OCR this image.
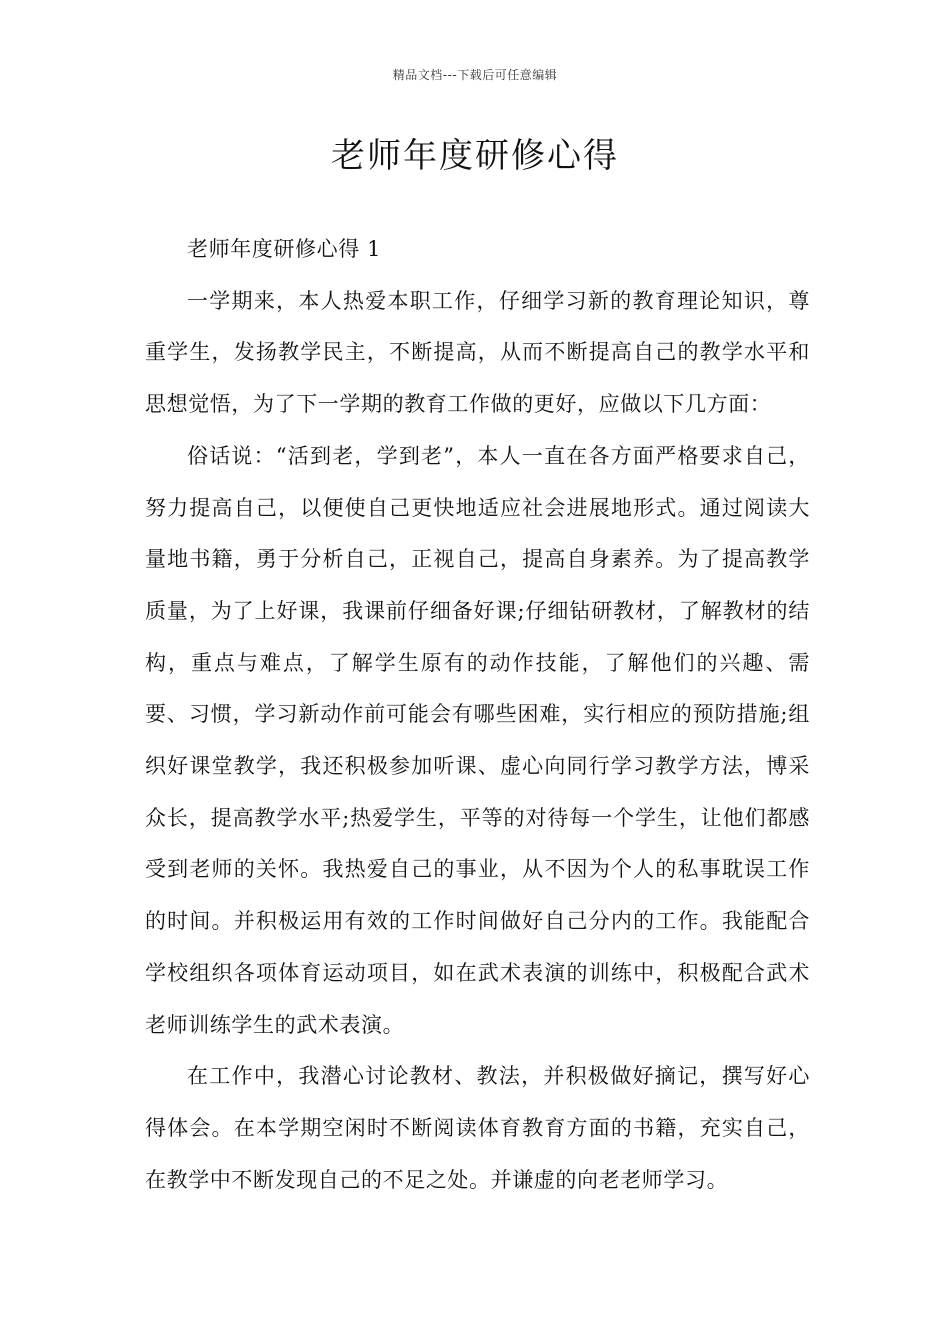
精品文档---下载后可任意编辑
老师年度研修心得

老师年度研修心得 1

一学期来，本人热爱本职工作，仔细学习新的教育理论知识，尊重学生，发扬教学民主，不断提高，从而不断提高自己的教学水平和思想觉悟，为了下一学期的教育工作做的更好，应做以下几方面：

俗话说：“活到老，学到老”，本人一直在各方面严格要求自己，努力提高自己，以便使自己更快地适应社会进展地形式。通过阅读大量地书籍，勇于分析自己，正视自己，提高自身素养。为了提高教学质量，为了上好课，我课前仔细备好课;仔细钻研教材，了解教材的结构，重点与难点，了解学生原有的动作技能，了解他们的兴趣、需要、习惯，学习新动作前可能会有哪些困难，实行相应的预防措施;组织好课堂教学，我还积极参加听课、虚心向同行学习教学方法，博采众长，提高教学水平;热爱学生，平等的对待每一个学生，让他们都感受到老师的关怀。我热爱自己的事业，从不因为个人的私事耽误工作的时间。并积极运用有效的工作时间做好自己分内的工作。我能配合学校组织各项体育运动项目，如在武术表演的训练中，积极配合武术老师训练学生的武术表演。

在工作中，我潜心讨论教材、教法，并积极做好摘记，撰写好心得体会。在本学期空闲时不断阅读体育教育方面的书籍，充实自己，在教学中不断发现自己的不足之处。并谦虚的向老老师学习。
